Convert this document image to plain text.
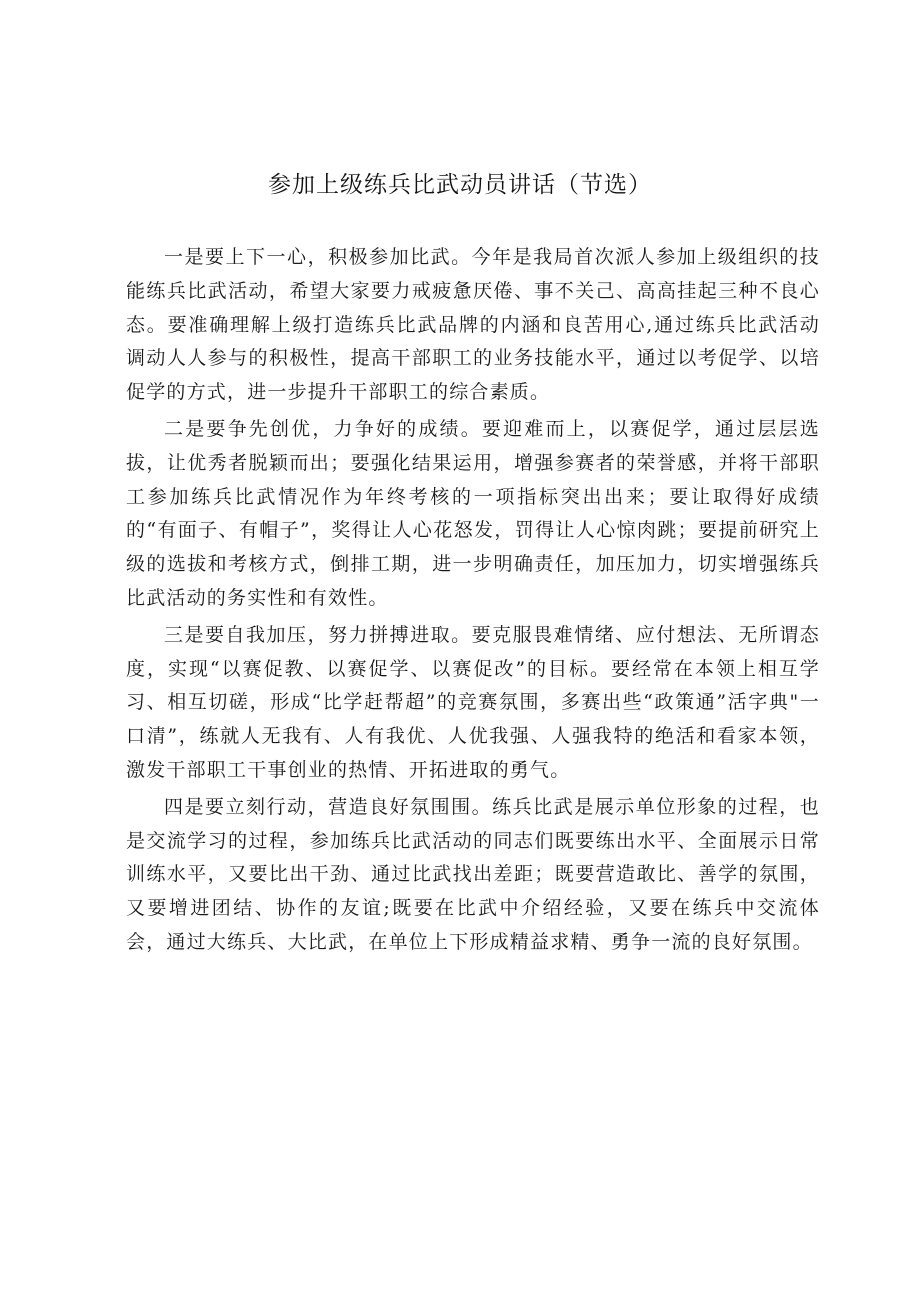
参加上级练兵比武动员讲话（节选）

一是要上下一心，积极参加比武。今年是我局首次派人参加上级组织的技能练兵比武活动，希望大家要力戒疲惫厌倦、事不关己、高高挂起三种不良心态。要准确理解上级打造练兵比武品牌的内涵和良苦用心,通过练兵比武活动调动人人参与的积极性，提高干部职工的业务技能水平，通过以考促学、以培促学的方式，进一步提升干部职工的综合素质。

二是要争先创优，力争好的成绩。要迎难而上，以赛促学，通过层层选拔，让优秀者脱颖而出；要强化结果运用，增强参赛者的荣誉感，并将干部职工参加练兵比武情况作为年终考核的一项指标突出出来；要让取得好成绩的“有面子、有帽子”，奖得让人心花怒发，罚得让人心惊肉跳；要提前研究上级的选拔和考核方式，倒排工期，进一步明确责任，加压加力，切实增强练兵比武活动的务实性和有效性。

三是要自我加压，努力拼搏进取。要克服畏难情绪、应付想法、无所谓态度，实现“以赛促教、以赛促学、以赛促改”的目标。要经常在本领上相互学习、相互切磋，形成“比学赶帮超”的竞赛氛围，多赛出些“政策通”活字典"一口清”，练就人无我有、人有我优、人优我强、人强我特的绝活和看家本领，激发干部职工干事创业的热情、开拓进取的勇气。

四是要立刻行动，营造良好氛围围。练兵比武是展示单位形象的过程，也是交流学习的过程，参加练兵比武活动的同志们既要练出水平、全面展示日常训练水平，又要比出干劲、通过比武找出差距；既要营造敢比、善学的氛围，又要增进团结、协作的友谊;既要在比武中介绍经验，又要在练兵中交流体会，通过大练兵、大比武，在单位上下形成精益求精、勇争一流的良好氛围。
